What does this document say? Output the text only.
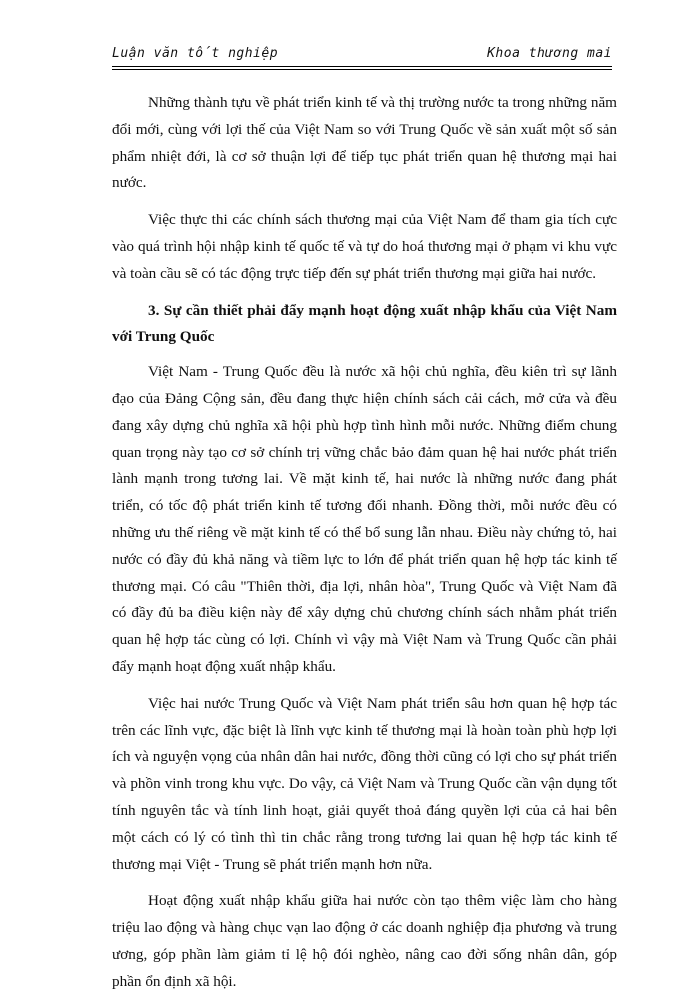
Luận văn tốt nghiệp	Khoa thương mai

Những thành tựu về phát triển kinh tế và thị trường nước ta trong những năm đổi mới, cùng với lợi thế của Việt Nam so với Trung Quốc về sản xuất một số sản phẩm nhiệt đới, là cơ sở thuận lợi để tiếp tục phát triển quan hệ thương mại hai nước.

Việc thực thi các chính sách thương mại của Việt Nam để tham gia tích cực vào quá trình hội nhập kinh tế quốc tế và tự do hoá thương mại ở phạm vi khu vực và toàn cầu sẽ có tác động trực tiếp đến sự phát triển thương mại giữa hai nước.

3. Sự cần thiết phải đẩy mạnh hoạt động xuất nhập khẩu của Việt Nam với Trung Quốc

Việt Nam - Trung Quốc đều là nước xã hội chủ nghĩa, đều kiên trì sự lãnh đạo của Đảng Cộng sản, đều đang thực hiện chính sách cải cách, mở cửa và đều đang xây dựng chủ nghĩa xã hội phù hợp tình hình mỗi nước. Những điểm chung quan trọng này tạo cơ sở chính trị vững chắc bảo đảm quan hệ hai nước phát triển lành mạnh trong tương lai. Về mặt kinh tế, hai nước là những nước đang phát triển, có tốc độ phát triển kinh tế tương đối nhanh. Đồng thời, mỗi nước đều có những ưu thế riêng về mặt kinh tế có thể bổ sung lẫn nhau. Điều này chứng tỏ, hai nước có đầy đủ khả năng và tiềm lực to lớn để phát triển quan hệ hợp tác kinh tế thương mại. Có câu "Thiên thời, địa lợi, nhân hòa", Trung Quốc và Việt Nam đã có đầy đủ ba điều kiện này để xây dựng chủ chương chính sách nhằm phát triển quan hệ hợp tác cùng có lợi. Chính vì vậy mà Việt Nam và Trung Quốc cần phải đẩy mạnh hoạt động xuất nhập khẩu.

Việc hai nước Trung Quốc và Việt Nam phát triển sâu hơn quan hệ hợp tác trên các lĩnh vực, đặc biệt là lĩnh vực kinh tế thương mại là hoàn toàn phù hợp lợi ích và nguyện vọng của nhân dân hai nước, đồng thời cũng có lợi cho sự phát triển và phồn vinh trong khu vực. Do vậy, cả Việt Nam và Trung Quốc cần vận dụng tốt tính nguyên tắc và tính linh hoạt, giải quyết thoả đáng quyền lợi của cả hai bên một cách có lý có tình thì tin chắc rằng trong tương lai quan hệ hợp tác kinh tế thương mại Việt - Trung sẽ phát triển mạnh hơn nữa.

Hoạt động xuất nhập khẩu giữa hai nước còn tạo thêm việc làm cho hàng triệu lao động và hàng chục vạn lao động ở các doanh nghiệp địa phương và trung ương, góp phần làm giảm tỉ lệ hộ đói nghèo, nâng cao đời sống nhân dân, góp phần ổn định xã hội.
